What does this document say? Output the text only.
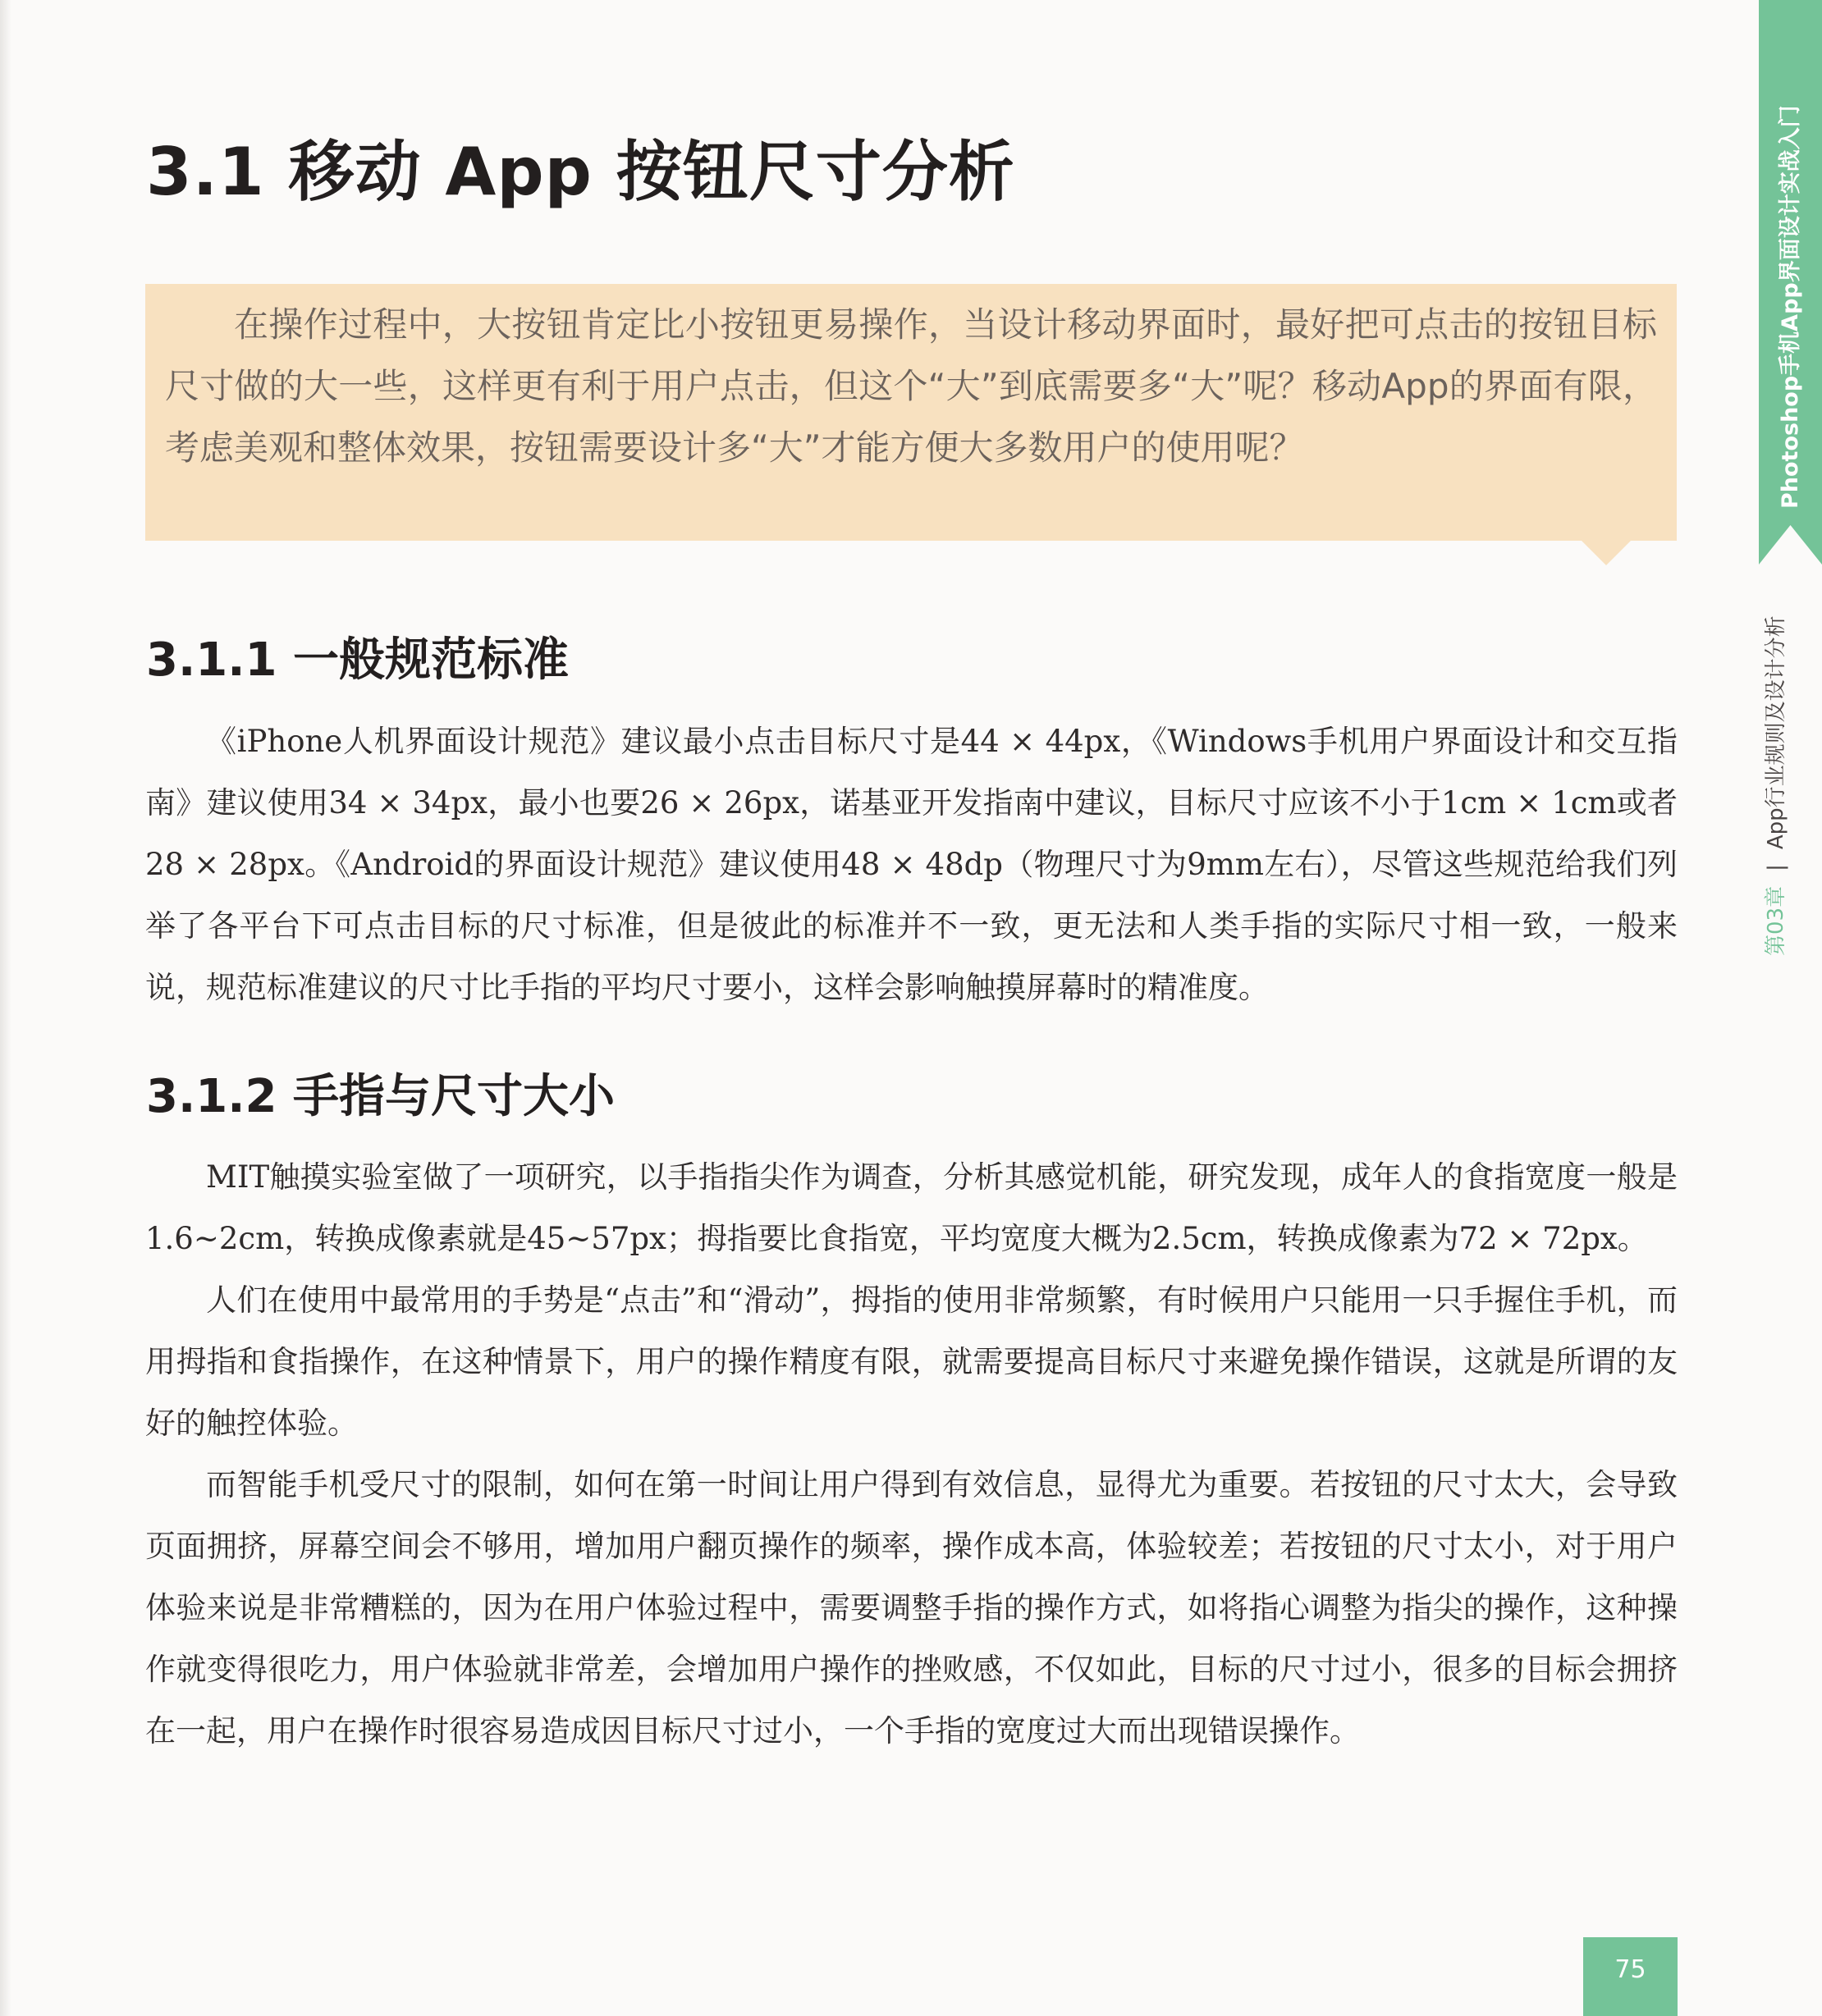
3.1 移动 App 按钮尺寸分析

在操作过程中，大按钮肯定比小按钮更易操作，当设计移动界面时，最好把可点击的按钮目标尺寸做的大一些，这样更有利于用户点击，但这个“大”到底需要多“大”呢？移动App的界面有限，考虑美观和整体效果，按钮需要设计多“大”才能方便大多数用户的使用呢？

3.1.1 一般规范标准

《iPhone人机界面设计规范》建议最小点击目标尺寸是44 × 44px，《Windows手机用户界面设计和交互指南》建议使用34 × 34px，最小也要26 × 26px，诺基亚开发指南中建议，目标尺寸应该不小于1cm × 1cm或者28 × 28px。《Android的界面设计规范》建议使用48 × 48dp（物理尺寸为9mm左右），尽管这些规范给我们列举了各平台下可点击目标的尺寸标准，但是彼此的标准并不一致，更无法和人类手指的实际尺寸相一致，一般来说，规范标准建议的尺寸比手指的平均尺寸要小，这样会影响触摸屏幕时的精准度。

3.1.2 手指与尺寸大小

MIT触摸实验室做了一项研究，以手指指尖作为调查，分析其感觉机能，研究发现，成年人的食指宽度一般是1.6~2cm，转换成像素就是45~57px；拇指要比食指宽，平均宽度大概为2.5cm，转换成像素为72 × 72px。

人们在使用中最常用的手势是“点击”和“滑动”，拇指的使用非常频繁，有时候用户只能用一只手握住手机，而用拇指和食指操作，在这种情景下，用户的操作精度有限，就需要提高目标尺寸来避免操作错误，这就是所谓的友好的触控体验。

而智能手机受尺寸的限制，如何在第一时间让用户得到有效信息，显得尤为重要。若按钮的尺寸太大，会导致页面拥挤，屏幕空间会不够用，增加用户翻页操作的频率，操作成本高，体验较差；若按钮的尺寸太小，对于用户体验来说是非常糟糕的，因为在用户体验过程中，需要调整手指的操作方式，如将指心调整为指尖的操作，这种操作就变得很吃力，用户体验就非常差，会增加用户操作的挫败感，不仅如此，目标的尺寸过小，很多的目标会拥挤在一起，用户在操作时很容易造成因目标尺寸过小，一个手指的宽度过大而出现错误操作。

Photoshop手机App界面设计实战入门
第03章|App行业规则及设计分析
75
